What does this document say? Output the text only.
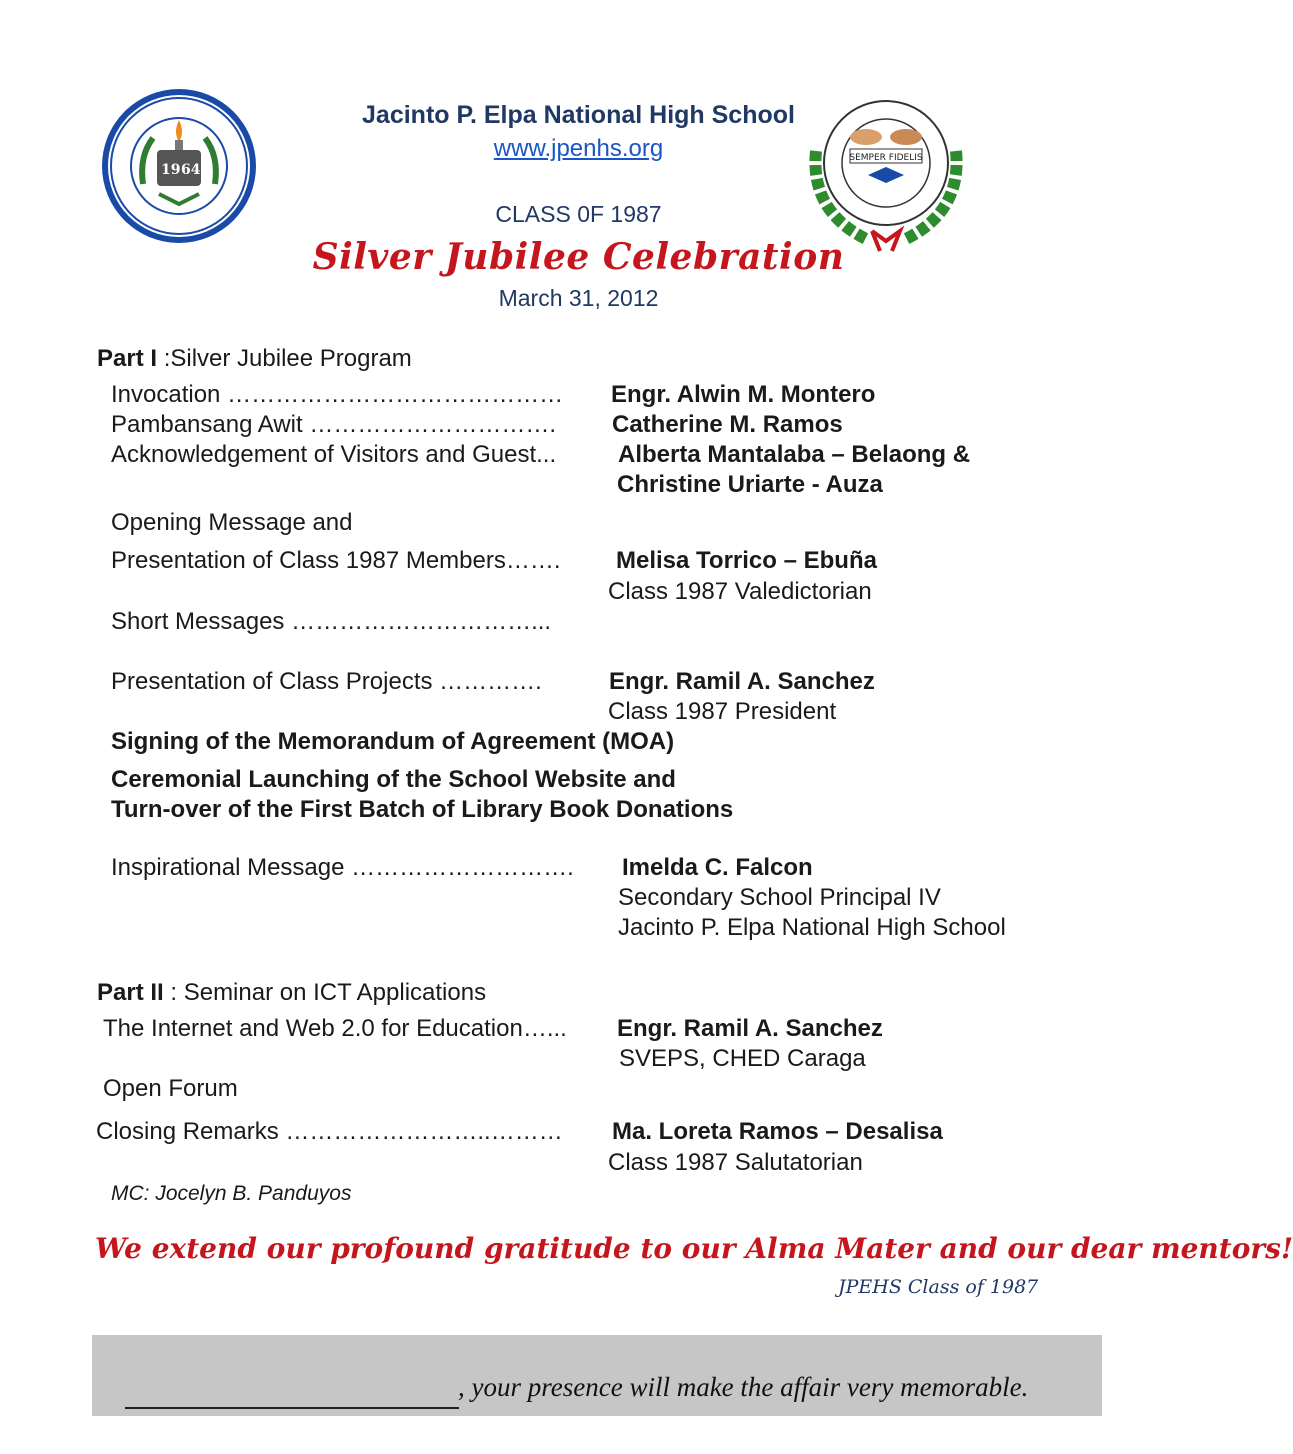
19 64
SEMPER FIDELIS
Jacinto P. Elpa National High School
www.jpenhs.org
CLASS 0F 1987
Silver Jubilee Celebration
March 31, 2012
Part I :Silver Jubilee Program
Invocation …………………………………… Engr. Alwin M. Montero
Pambansang Awit …………………………. Catherine M. Ramos
Acknowledgement of Visitors and Guest...	Alberta Mantalaba – Belaong &
Christine Uriarte - Auza
Opening Message and
Presentation of Class 1987 Members……. Melisa Torrico – Ebuña
Class 1987 Valedictorian
Short Messages …………………………...
Presentation of Class Projects ………….	Engr. Ramil A. Sanchez
Class 1987 President
Signing of the Memorandum of Agreement (MOA)
Ceremonial Launching of the School Website and
Turn-over of the First Batch of Library Book Donations
Inspirational Message ………………………. Imelda C. Falcon
Secondary School Principal IV
Jacinto P. Elpa National High School
Part II : Seminar on ICT Applications
The Internet and Web 2.0 for Education…... Engr. Ramil A. Sanchez
SVEPS, CHED Caraga
Open Forum
Closing Remarks ……………………..……… Ma. Loreta Ramos – Desalisa
Class 1987 Salutatorian
MC: Jocelyn B. Panduyos
We extend our profound gratitude to our Alma Mater and our dear mentors!
JPEHS Class of 1987
, your presence will make the affair very memorable.
